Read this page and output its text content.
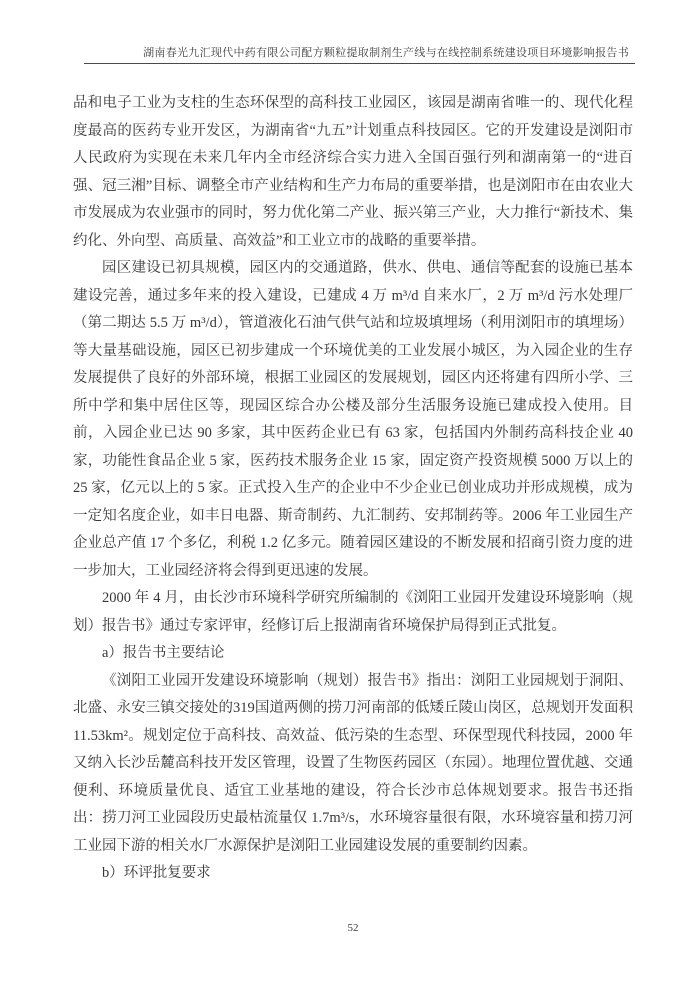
湖南春光九汇现代中药有限公司配方颗粒提取制剂生产线与在线控制系统建设项目环境影响报告书

品和电子工业为支柱的生态环保型的高科技工业园区，该园是湖南省唯一的、现代化程度最高的医药专业开发区，为湖南省“九五”计划重点科技园区。它的开发建设是浏阳市人民政府为实现在未来几年内全市经济综合实力进入全国百强行列和湖南第一的“进百强、冠三湘”目标、调整全市产业结构和生产力布局的重要举措，也是浏阳市在由农业大市发展成为农业强市的同时，努力优化第二产业、振兴第三产业，大力推行“新技术、集约化、外向型、高质量、高效益”和工业立市的战略的重要举措。

园区建设已初具规模，园区内的交通道路，供水、供电、通信等配套的设施已基本建设完善，通过多年来的投入建设，已建成 4 万 m³/d 自来水厂，2 万 m³/d 污水处理厂（第二期达 5.5 万 m³/d），管道液化石油气供气站和垃圾填埋场（利用浏阳市的填埋场）等大量基础设施，园区已初步建成一个环境优美的工业发展小城区，为入园企业的生存发展提供了良好的外部环境，根据工业园区的发展规划，园区内还将建有四所小学、三所中学和集中居住区等，现园区综合办公楼及部分生活服务设施已建成投入使用。目前，入园企业已达 90 多家，其中医药企业已有 63 家，包括国内外制药高科技企业 40 家，功能性食品企业 5 家，医药技术服务企业 15 家，固定资产投资规模 5000 万以上的 25 家，亿元以上的 5 家。正式投入生产的企业中不少企业已创业成功并形成规模，成为一定知名度企业，如丰日电器、斯奇制药、九汇制药、安邦制药等。2006 年工业园生产企业总产值 17 个多亿，利税 1.2 亿多元。随着园区建设的不断发展和招商引资力度的进一步加大，工业园经济将会得到更迅速的发展。

2000 年 4 月，由长沙市环境科学研究所编制的《浏阳工业园开发建设环境影响（规划）报告书》通过专家评审，经修订后上报湖南省环境保护局得到正式批复。

a）报告书主要结论

《浏阳工业园开发建设环境影响（规划）报告书》指出：浏阳工业园规划于洞阳、北盛、永安三镇交接处的319国道两侧的捞刀河南部的低矮丘陵山岗区，总规划开发面积 11.53km²。规划定位于高科技、高效益、低污染的生态型、环保型现代科技园，2000 年又纳入长沙岳麓高科技开发区管理，设置了生物医药园区（东园）。地理位置优越、交通便利、环境质量优良、适宜工业基地的建设，符合长沙市总体规划要求。报告书还指出：捞刀河工业园段历史最枯流量仅 1.7m³/s，水环境容量很有限，水环境容量和捞刀河工业园下游的相关水厂水源保护是浏阳工业园建设发展的重要制约因素。

b）环评批复要求

52
